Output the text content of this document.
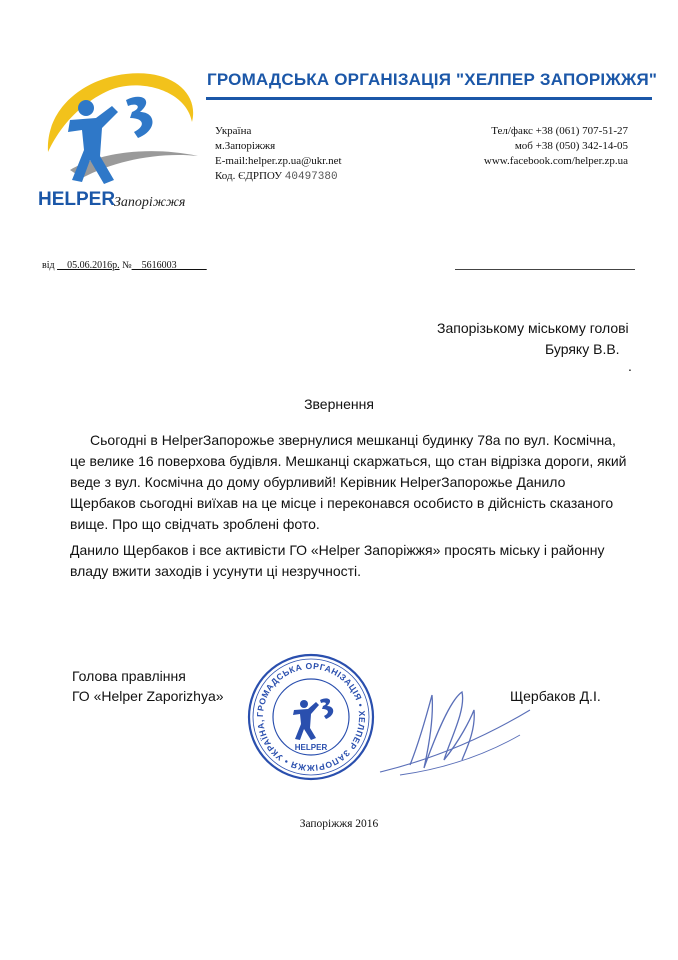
HELPER
Запоріжжя
ГРОМАДСЬКА ОРГАНІЗАЦІЯ "ХЕЛПЕР ЗАПОРІЖЖЯ"
Україна
м.Запоріжжя
E-mail:helper.zp.ua@ukr.net
Код. ЄДРПОУ 40497380
Тел/факс +38 (061) 707-51-27
моб +38 (050) 342-14-05
www.facebook.com/helper.zp.ua
від __05.06.2016р. №__5616003______
Запорізькому міському голові
Буряку В.В.
.
Звернення
Сьогодні в HelperЗапорожье звернулися мешканці будинку 78а по вул. Космічна, це велике 16 поверхова будівля. Мешканці скаржаться, що стан відрізка дороги, який веде з вул. Космічна до дому обурливий! Керівник HelperЗапорожье Данило Щербаков сьогодні виїхав на це місце і переконався особисто в дійсність сказаного вище. Про що свідчать зроблені фото.
Данило Щербаков і все активісти ГО «Helper Запоріжжя» просять міську і районну владу вжити заходів і усунути ці незручності.
Голова правління
ГО «Helper Zaporizhya»	Щербаков Д.І.
ГРОМАДСЬКА ОРГАНІЗАЦІЯ • ХЕЛПЕР ЗАПОРІЖЖЯ • УКРАЇНА,
HELPER
Запоріжжя 2016
